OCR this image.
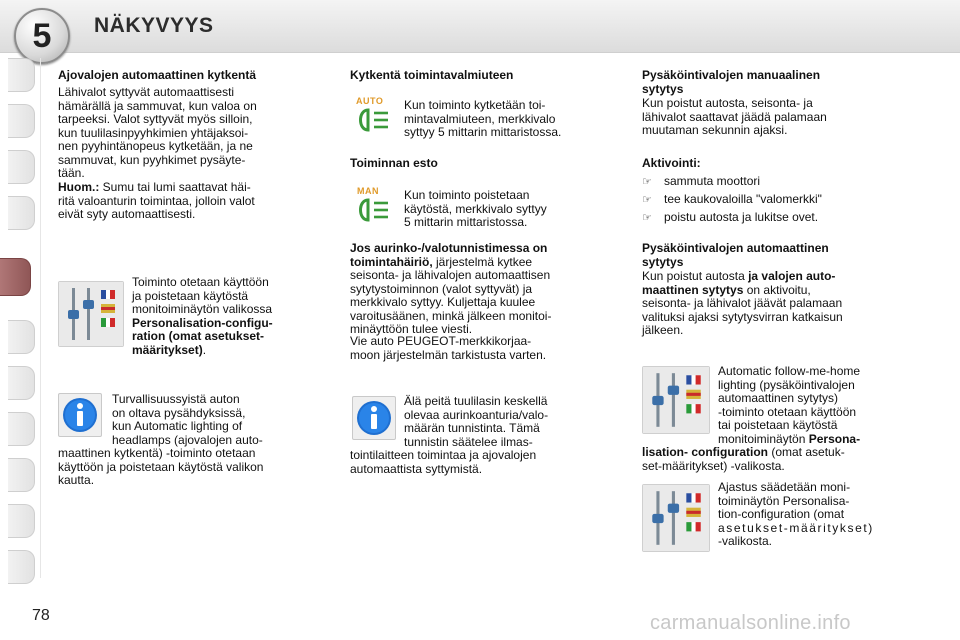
5	NÄKYVYYS
Ajovalojen automaattinen kytkentä
Lähivalot syttyvät automaattisesti
hämärällä ja sammuvat, kun valoa on
tarpeeksi. Valot syttyvät myös silloin,
kun tuulilasinpyyhkimien yhtäjaksoi-
nen pyyhintänopeus kytketään, ja ne
sammuvat, kun pyyhkimet pysäyte-
tään.
Huom.: Sumu tai lumi saattavat häi-
ritä valoanturin toimintaa, jolloin valot
eivät syty automaattisesti.
Toiminto otetaan käyttöön
ja poistetaan käytöstä
monitoiminäytön valikossa
Personalisation-configu-
ration (omat asetukset-
määritykset).
Turvallisuussyistä auton
on oltava pysähdyksissä,
kun Automatic lighting of
headlamps (ajovalojen auto-
maattinen kytkentä) -toiminto otetaan
käyttöön ja poistetaan käytöstä valikon
kautta.
Kytkentä toimintavalmiuteen
AUTO Kun toiminto kytketään toi-
mintavalmiuteen, merkkivalo
syttyy 5 mittarin mittaristossa.
Toiminnan esto
MAN Kun toiminto poistetaan
käytöstä, merkkivalo syttyy
5 mittarin mittaristossa.
Jos aurinko-/valotunnistimessa on
toimintahäiriö, järjestelmä kytkee
seisonta- ja lähivalojen automaattisen
sytytystoiminnon (valot syttyvät) ja
merkkivalo syttyy. Kuljettaja kuulee
varoitusäänen, minkä jälkeen monitoi-
minäyttöön tulee viesti.
Vie auto PEUGEOT-merkkikorjaa-
moon järjestelmän tarkistusta varten.
Älä peitä tuulilasin keskellä
olevaa aurinkoanturia/valo-
määrän tunnistinta. Tämä
tunnistin säätelee ilmas-
tointilaitteen toimintaa ja ajovalojen
automaattista syttymistä.
Pysäköintivalojen manuaalinen
sytytys
Kun poistut autosta, seisonta- ja
lähivalot saattavat jäädä palamaan
muutaman sekunnin ajaksi.
Aktivointi:
☞ sammuta moottori
☞ tee kaukovaloilla "valomerkki"
☞ poistu autosta ja lukitse ovet.
Pysäköintivalojen automaattinen
sytytys
Kun poistut autosta ja valojen auto-
maattinen sytytys on aktivoitu,
seisonta- ja lähivalot jäävät palamaan
valituksi ajaksi sytytysvirran katkaisun
jälkeen.
Automatic follow-me-home
lighting (pysäköintivalojen
automaattinen sytytys)
-toiminto otetaan käyttöön
tai poistetaan käytöstä
monitoiminäytön Persona-
lisation- configuration (omat asetuk-
set-määritykset) -valikosta.
Ajastus säädetään moni-
toiminäytön Personalisa-
tion-configuration (omat
asetukset-määritykset)
-valikosta.
78	carmanualsonline.info
